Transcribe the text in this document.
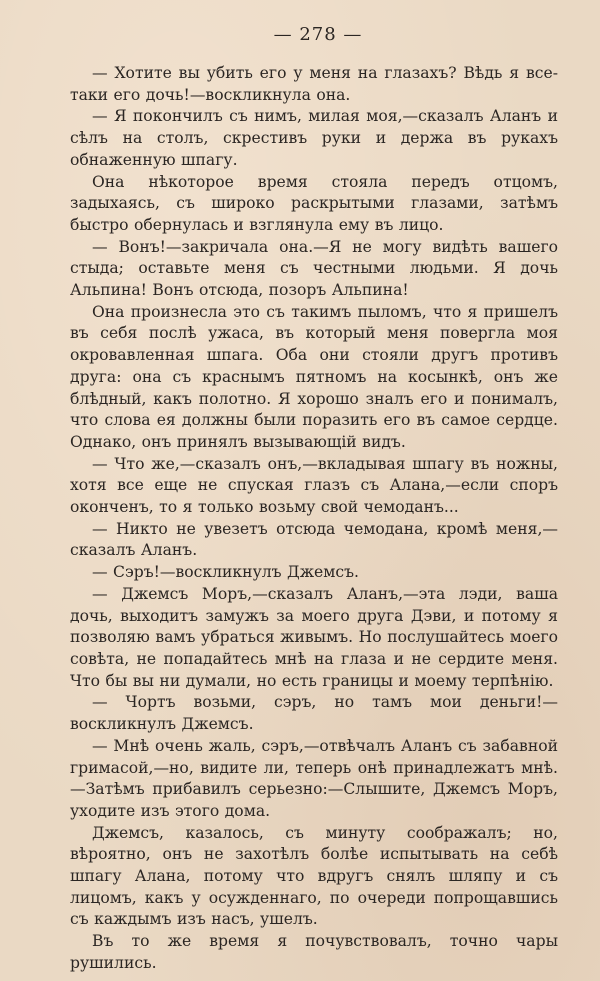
— 278 —

— Хотите вы убить его у меня на глазахъ? Вѣдь я все-таки его дочь!—воскликнула она.

— Я покончилъ съ нимъ, милая моя,—сказалъ Аланъ и сѣлъ на столъ, скрестивъ руки и держа въ рукахъ обнаженную шпагу.

Она нѣкоторое время стояла передъ отцомъ, задыхаясь, съ широко раскрытыми глазами, затѣмъ быстро обернулась и взглянула ему въ лицо.

— Вонъ!—закричала она.—Я не могу видѣть вашего стыда; оставьте меня съ честными людьми. Я дочь Альпина! Вонъ отсюда, позоръ Альпина!

Она произнесла это съ такимъ пыломъ, что я пришелъ въ себя послѣ ужаса, въ который меня повергла моя окровавленная шпага. Оба они стояли другъ противъ друга: она съ краснымъ пятномъ на косынкѣ, онъ же блѣдный, какъ полотно. Я хорошо зналъ его и понималъ, что слова ея должны были поразить его въ самое сердце. Однако, онъ принялъ вызывающій видъ.

— Что же,—сказалъ онъ,—вкладывая шпагу въ ножны, хотя все еще не спуская глазъ съ Алана,—если споръ оконченъ, то я только возьму свой чемоданъ...

— Никто не увезетъ отсюда чемодана, кромѣ меня,—сказалъ Аланъ.

— Сэръ!—воскликнулъ Джемсъ.

— Джемсъ Моръ,—сказалъ Аланъ,—эта лэди, ваша дочь, выходитъ замужъ за моего друга Дэви, и потому я позволяю вамъ убраться живымъ. Но послушайтесь моего совѣта, не попадайтесь мнѣ на глаза и не сердите меня. Что бы вы ни думали, но есть границы и моему терпѣнію.

— Чортъ возьми, сэръ, но тамъ мои деньги!—воскликнулъ Джемсъ.

— Мнѣ очень жаль, сэръ,—отвѣчалъ Аланъ съ забавной гримасой,—но, видите ли, теперь онѣ принадлежатъ мнѣ.—Затѣмъ прибавилъ серьезно:—Слышите, Джемсъ Моръ, уходите изъ этого дома.

Джемсъ, казалось, съ минуту соображалъ; но, вѣроятно, онъ не захотѣлъ болѣе испытывать на себѣ шпагу Алана, потому что вдругъ снялъ шляпу и съ лицомъ, какъ у осужденнаго, по очереди попрощавшись съ каждымъ изъ насъ, ушелъ.

Въ то же время я почувствовалъ, точно чары рушились.
